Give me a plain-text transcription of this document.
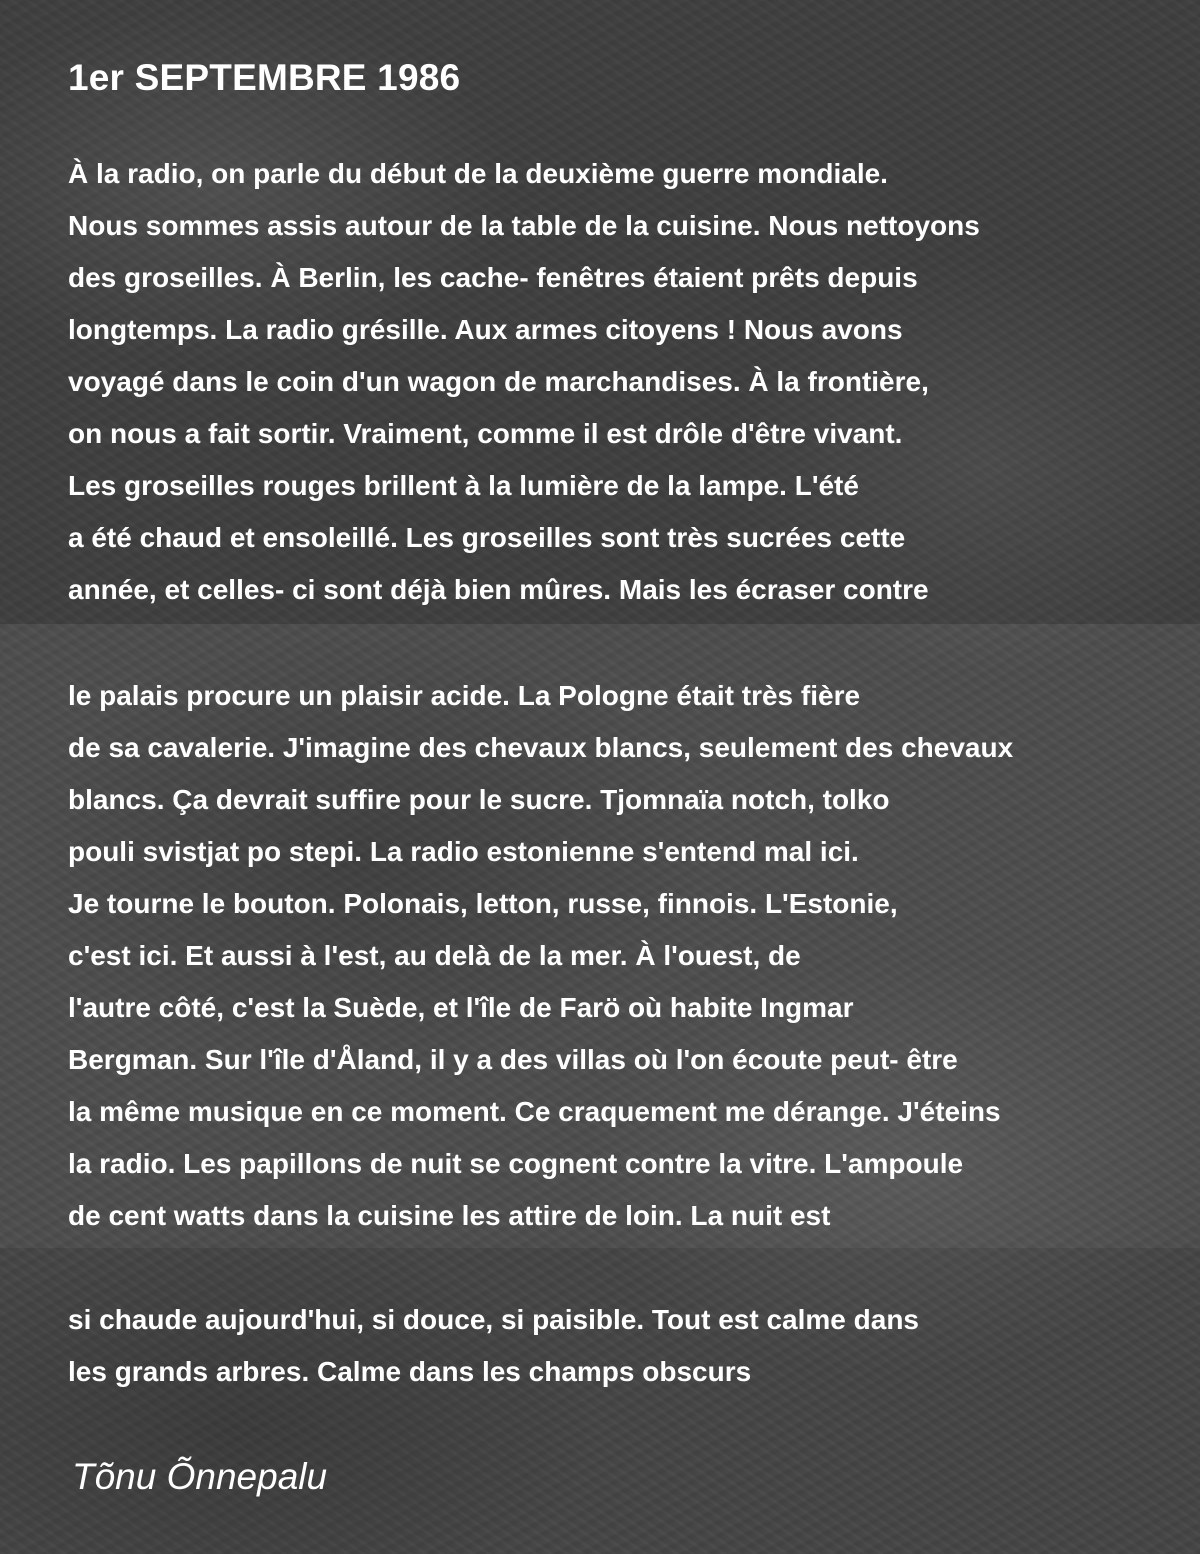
1er SEPTEMBRE 1986
À la radio, on parle du début de la deuxième guerre mondiale.
Nous sommes assis autour de la table de la cuisine. Nous nettoyons
des groseilles. À Berlin, les cache- fenêtres étaient prêts depuis
longtemps. La radio grésille. Aux armes citoyens ! Nous avons
voyagé dans le coin d'un wagon de marchandises. À la frontière,
on nous a fait sortir. Vraiment, comme il est drôle d'être vivant.
Les groseilles rouges brillent à la lumière de la lampe. L'été
a été chaud et ensoleillé. Les groseilles sont très sucrées cette
année, et celles- ci sont déjà bien mûres. Mais les écraser contre
le palais procure un plaisir acide. La Pologne était très fière
de sa cavalerie. J'imagine des chevaux blancs, seulement des chevaux
blancs. Ça devrait suffire pour le sucre. Tjomnaïa notch, tolko
pouli svistjat po stepi. La radio estonienne s'entend mal ici.
Je tourne le bouton. Polonais, letton, russe, finnois. L'Estonie,
c'est ici. Et aussi à l'est, au delà de la mer. À l'ouest, de
l'autre côté, c'est la Suède, et l'île de Farö où habite Ingmar
Bergman. Sur l'île d'Åland, il y a des villas où l'on écoute peut- être
la même musique en ce moment. Ce craquement me dérange. J'éteins
la radio. Les papillons de nuit se cognent contre la vitre. L'ampoule
de cent watts dans la cuisine les attire de loin. La nuit est
si chaude aujourd'hui, si douce, si paisible. Tout est calme dans
les grands arbres. Calme dans les champs obscurs

Tõnu Õnnepalu
